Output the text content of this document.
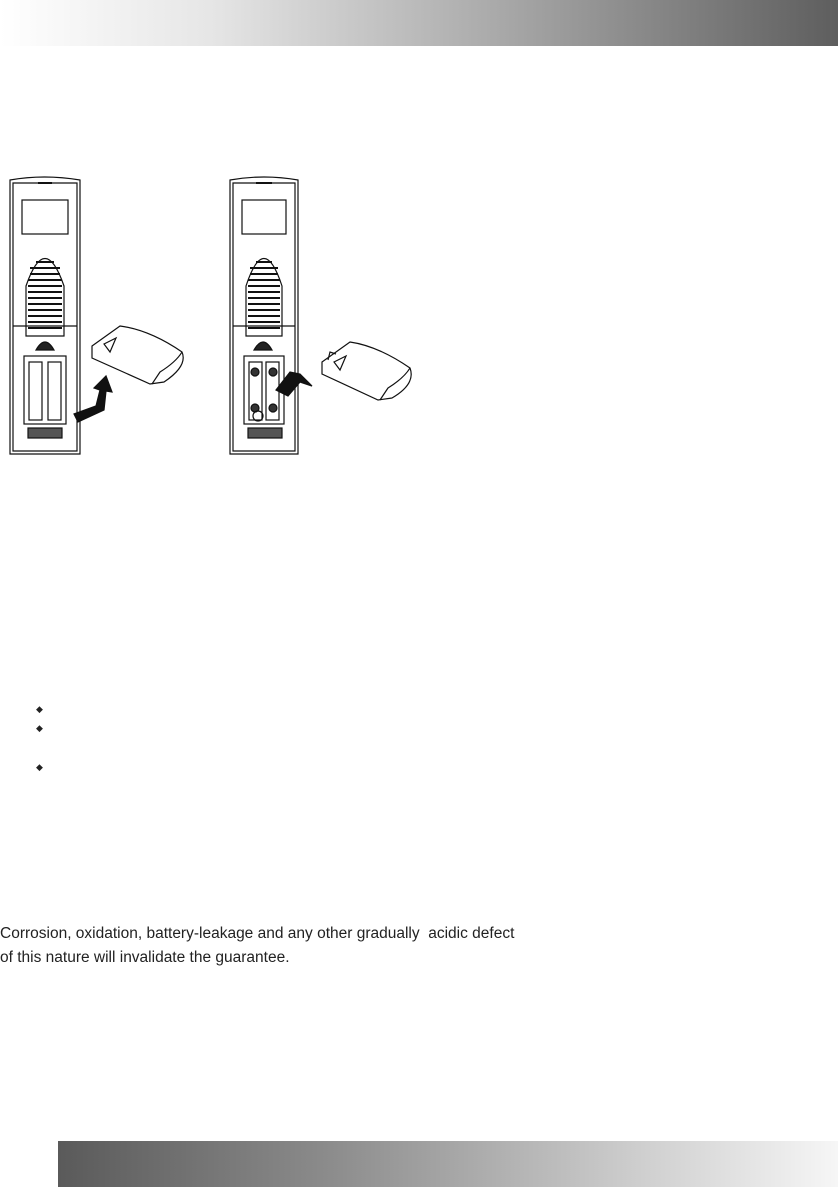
◆
◆
◆

Corrosion, oxidation, battery-leakage and any other gradually  acidic defect

of this nature will invalidate the guarantee.
